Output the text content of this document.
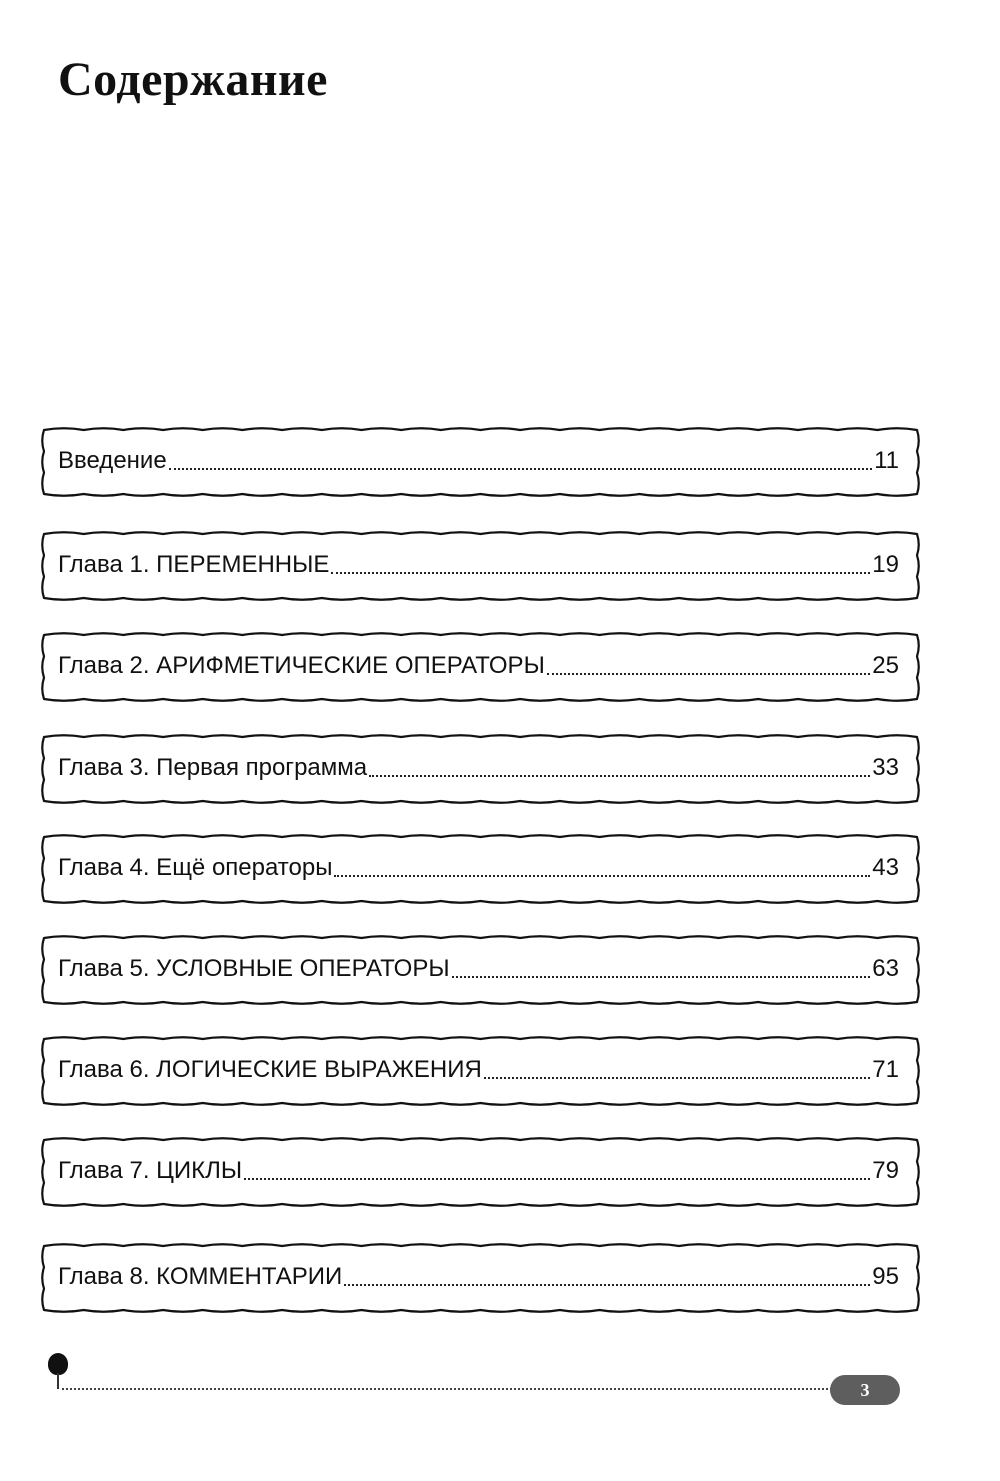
Содержание
Введение	11
Глава 1. ПЕРЕМЕННЫЕ	19
Глава 2. АРИФМЕТИЧЕСКИЕ ОПЕРАТОРЫ	25
Глава 3. Первая программа	33
Глава 4. Ещё операторы	43
Глава 5. УСЛОВНЫЕ ОПЕРАТОРЫ	63
Глава 6. ЛОГИЧЕСКИЕ ВЫРАЖЕНИЯ	71
Глава 7. ЦИКЛЫ	79
Глава 8. КОММЕНТАРИИ	95
3
